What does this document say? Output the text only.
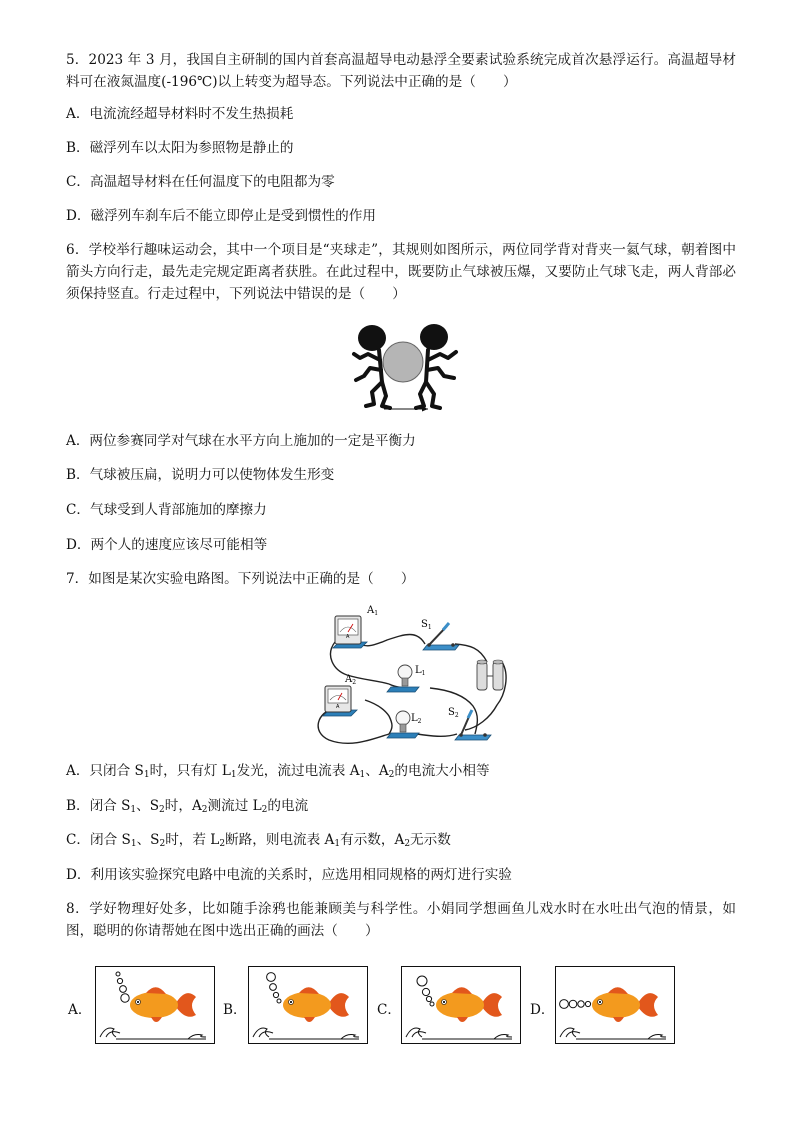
5．2023 年 3 月，我国自主研制的国内首套高温超导电动悬浮全要素试验系统完成首次悬浮运行。高温超导材料可在液氮温度(-196℃)以上转变为超导态。下列说法中正确的是（　　）
A．电流流经超导材料时不发生热损耗
B．磁浮列车以太阳为参照物是静止的
C．高温超导材料在任何温度下的电阻都为零
D．磁浮列车刹车后不能立即停止是受到惯性的作用
6．学校举行趣味运动会，其中一个项目是“夹球走”，其规则如图所示，两位同学背对背夹一氦气球，朝着图中箭头方向行走，最先走完规定距离者获胜。在此过程中，既要防止气球被压爆，又要防止气球飞走，两人背部必须保持竖直。行走过程中，下列说法中错误的是（　　）
A．两位参赛同学对气球在水平方向上施加的一定是平衡力
B．气球被压扁，说明力可以使物体发生形变
C．气球受到人背部施加的摩擦力
D．两个人的速度应该尽可能相等
7．如图是某次实验电路图。下列说法中正确的是（　　）
A
$A_1$
A
$A_2$
$S_1$
$L_1$
$L_2$
$S_2$
A．只闭合 $S_1$时，只有灯 $L_1$发光，流过电流表 $A_1$、$A_2$的电流大小相等
B．闭合 $S_1$、$S_2$时，$A_2$测流过 $L_2$的电流
C．闭合 $S_1$、$S_2$时，若 $L_2$断路，则电流表 $A_1$有示数，$A_2$无示数
D．利用该实验探究电路中电流的关系时，应选用相同规格的两灯进行实验
8．学好物理好处多，比如随手涂鸦也能兼顾美与科学性。小娟同学想画鱼儿戏水时在水吐出气泡的情景，如图，聪明的你请帮她在图中选出正确的画法（　　）
A．	B．	C．	D．
